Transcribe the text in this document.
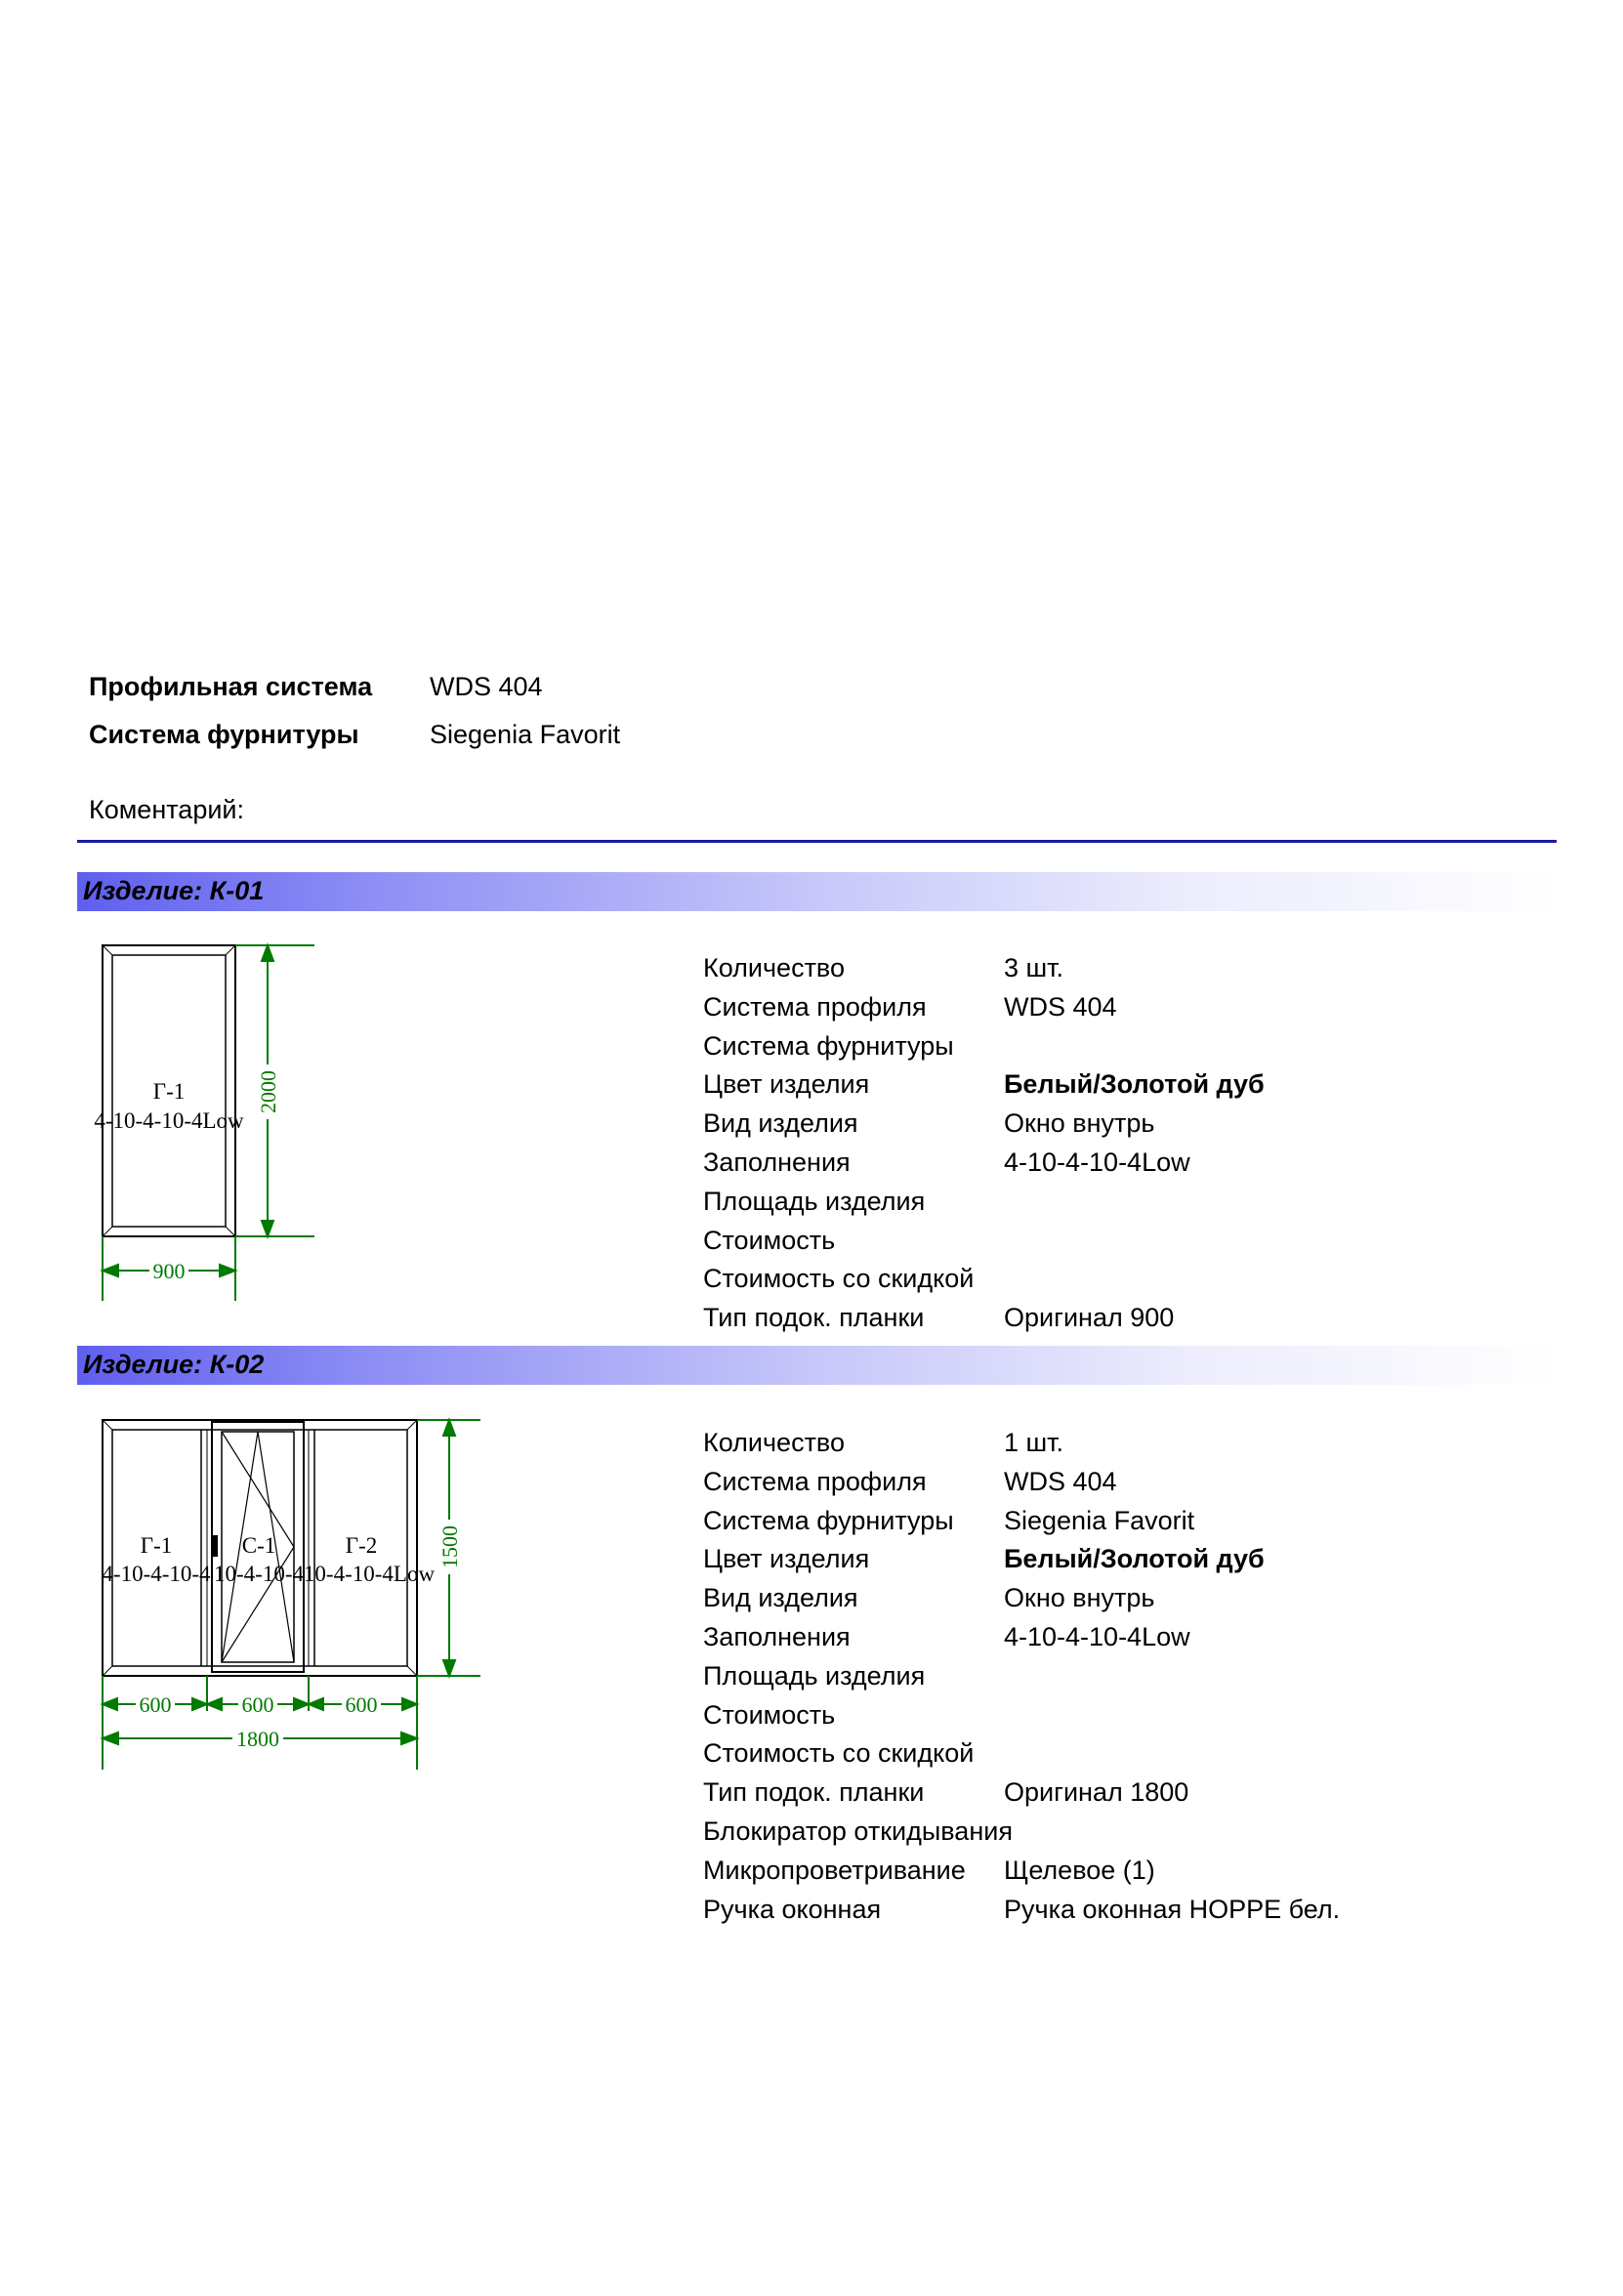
Профильная система WDS 404
Система фурнитуры	Siegenia Favorit
Коментарий:
Изделие: К-01
Г-1
4-10-4-10-4Low
900
2000
Количество	3 шт.
Система профиля	WDS 404
Система фурнитуры
Цвет изделия	Белый/Золотой дуб
Вид изделия	Окно внутрь
Заполнения	4-10-4-10-4Low
Площадь изделия
Стоимость
Стоимость со скидкой
Тип подок. планки	Оригинал 900
Изделие: К-02
Г-1	С-1	Г-2
4-10-4-10-4 10-4-10-4 10-4-10-4Low
600	600	600
1800
1500
Количество	1 шт.
Система профиля	WDS 404
Система фурнитуры Siegenia Favorit
Цвет изделия	Белый/Золотой дуб
Вид изделия	Окно внутрь
Заполнения	4-10-4-10-4Low
Площадь изделия
Стоимость
Стоимость со скидкой
Тип подок. планки	Оригинал 1800
Блокиратор откидывания
Микропроветривание Щелевое (1)
Ручка оконная	Ручка оконная HOPPE бел.
